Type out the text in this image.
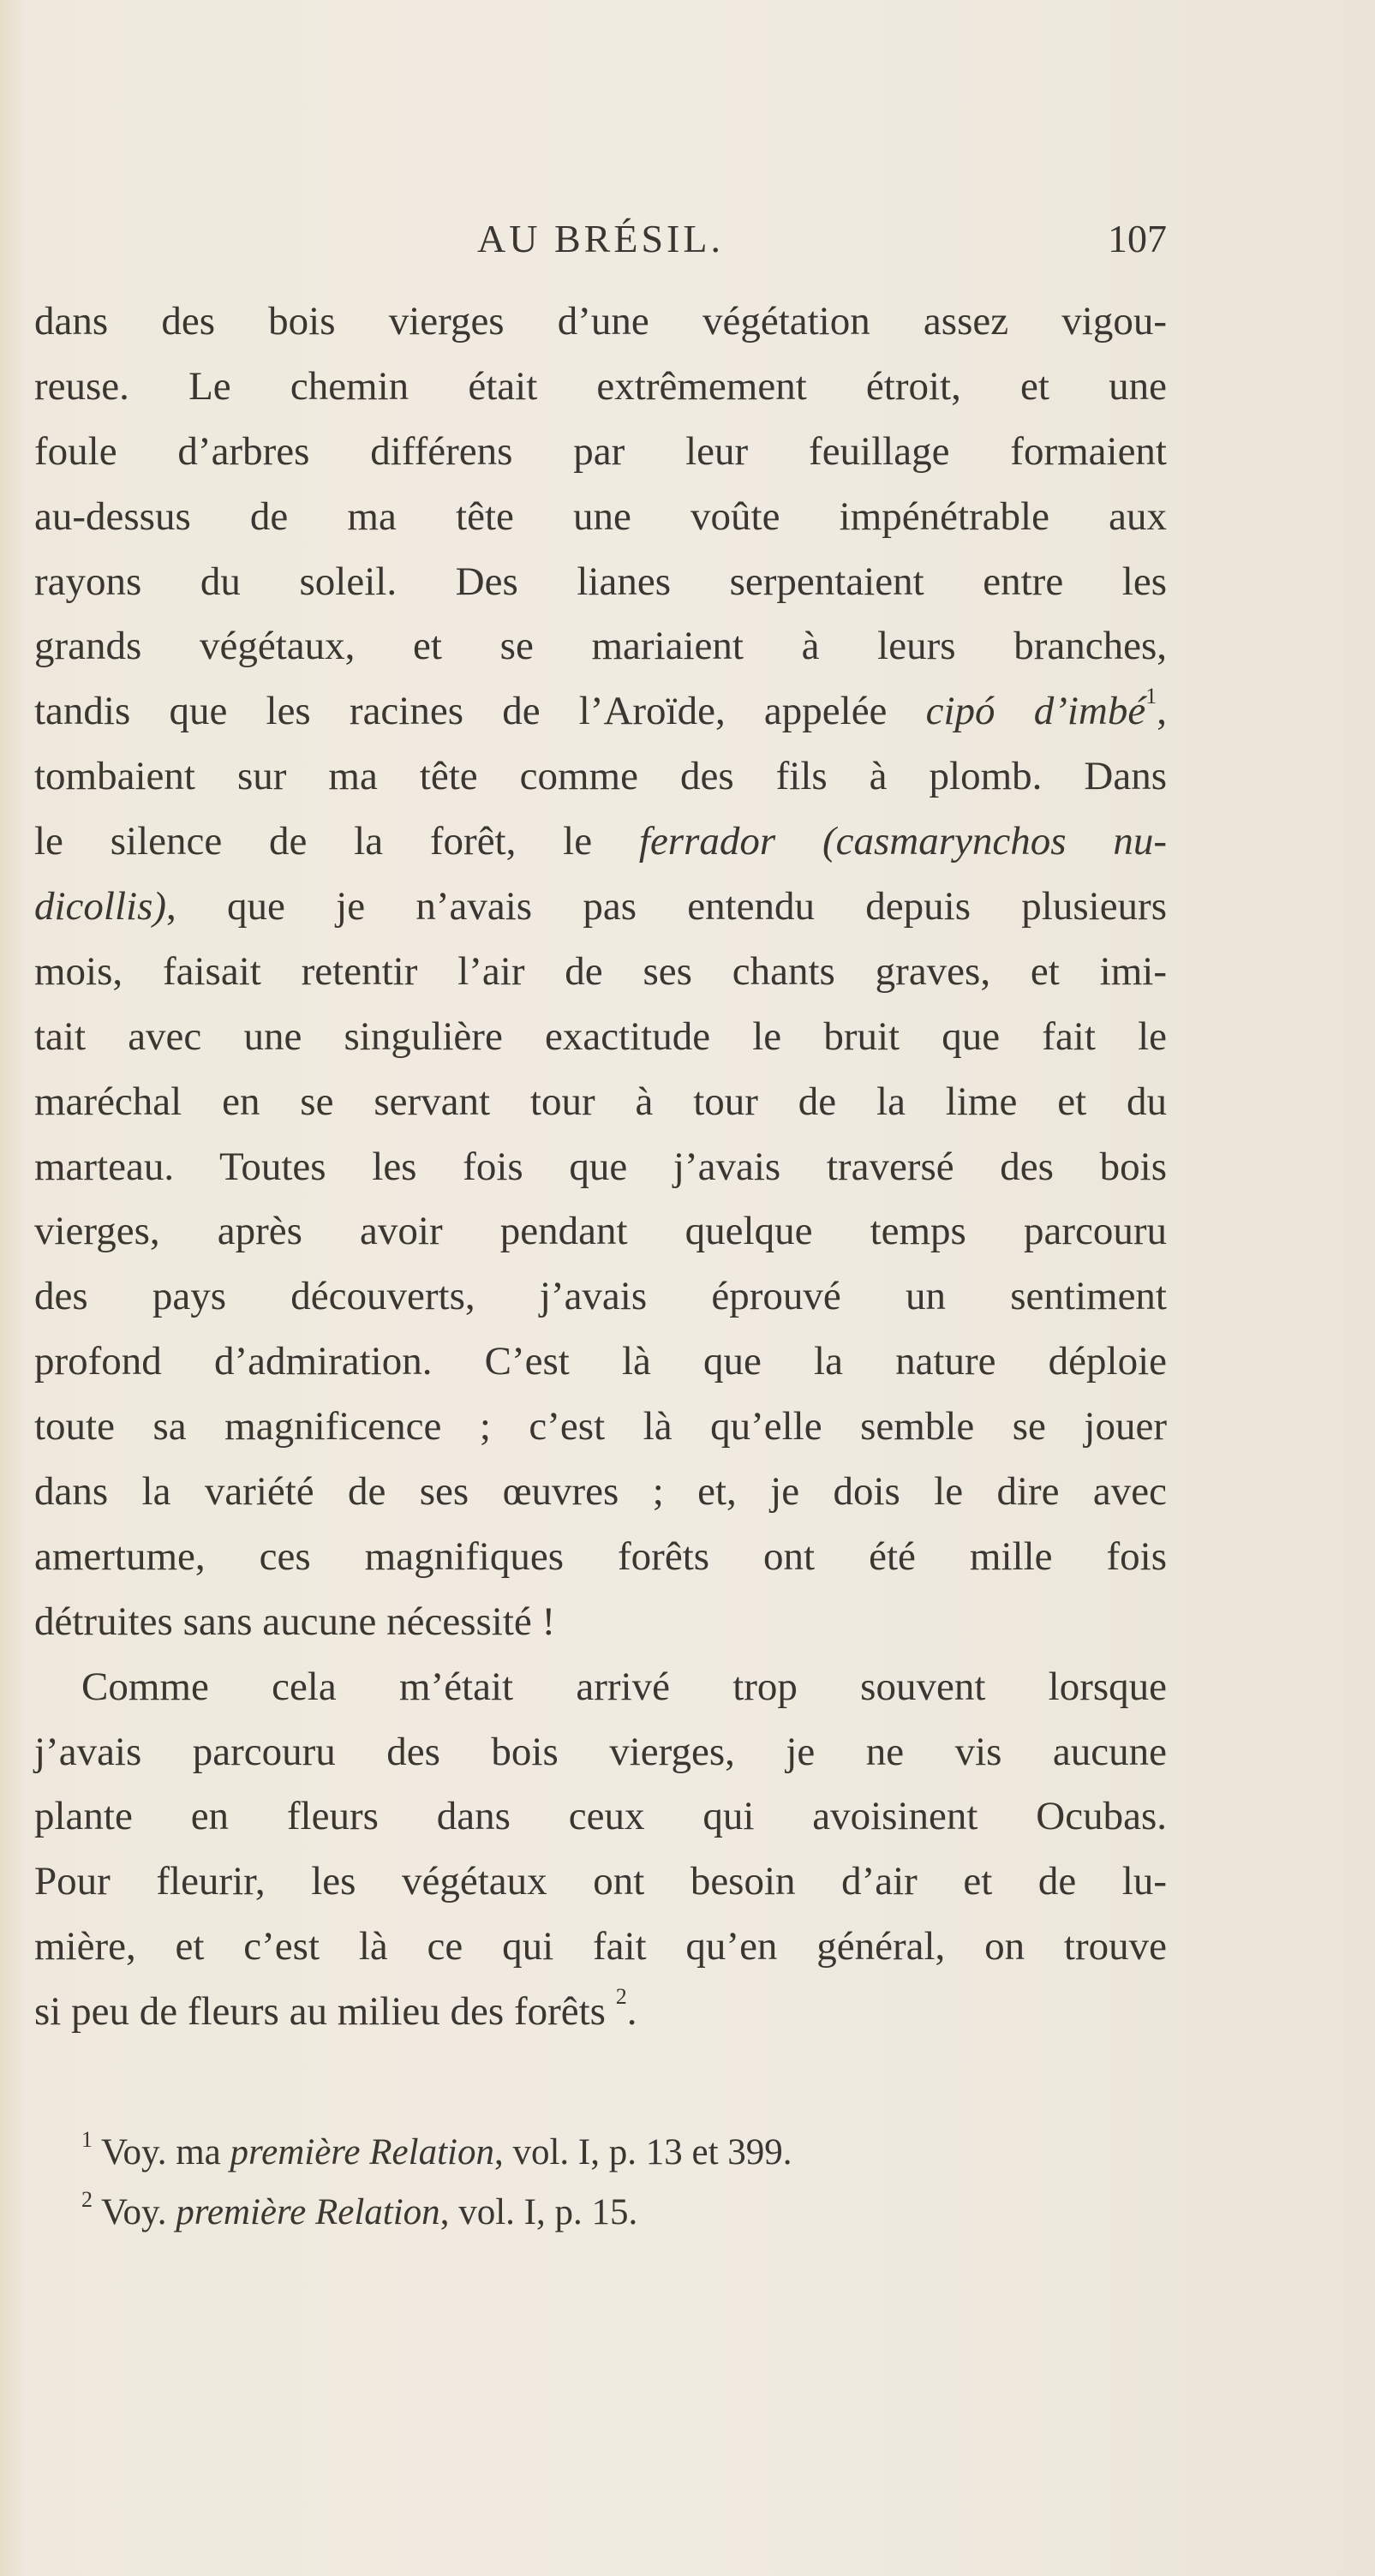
AU BRÉSIL.	107
dans des bois vierges d’une végétation assez vigou-
reuse. Le chemin était extrêmement étroit, et une
foule d’arbres différens par leur feuillage formaient
au-dessus de ma tête une voûte impénétrable aux
rayons du soleil. Des lianes serpentaient entre les
grands végétaux, et se mariaient à leurs branches,
tandis que les racines de l’Aroïde, appelée cipó d’imbé$^1$,
tombaient sur ma tête comme des fils à plomb. Dans
le silence de la forêt, le ferrador (casmarynchos nu-
dicollis), que je n’avais pas entendu depuis plusieurs
mois, faisait retentir l’air de ses chants graves, et imi-
tait avec une singulière exactitude le bruit que fait le
maréchal en se servant tour à tour de la lime et du
marteau. Toutes les fois que j’avais traversé des bois
vierges, après avoir pendant quelque temps parcouru
des pays découverts, j’avais éprouvé un sentiment
profond d’admiration. C’est là que la nature déploie
toute sa magnificence ; c’est là qu’elle semble se jouer
dans la variété de ses œuvres ; et, je dois le dire avec
amertume, ces magnifiques forêts ont été mille fois
détruites sans aucune nécessité !
Comme cela m’était arrivé trop souvent lorsque
j’avais parcouru des bois vierges, je ne vis aucune
plante en fleurs dans ceux qui avoisinent Ocubas.
Pour fleurir, les végétaux ont besoin d’air et de lu-
mière, et c’est là ce qui fait qu’en général, on trouve
si peu de fleurs au milieu des forêts $^2$.
$^1$ Voy. ma première Relation, vol. I, p. 13 et 399.
$^2$ Voy. première Relation, vol. I, p. 15.
